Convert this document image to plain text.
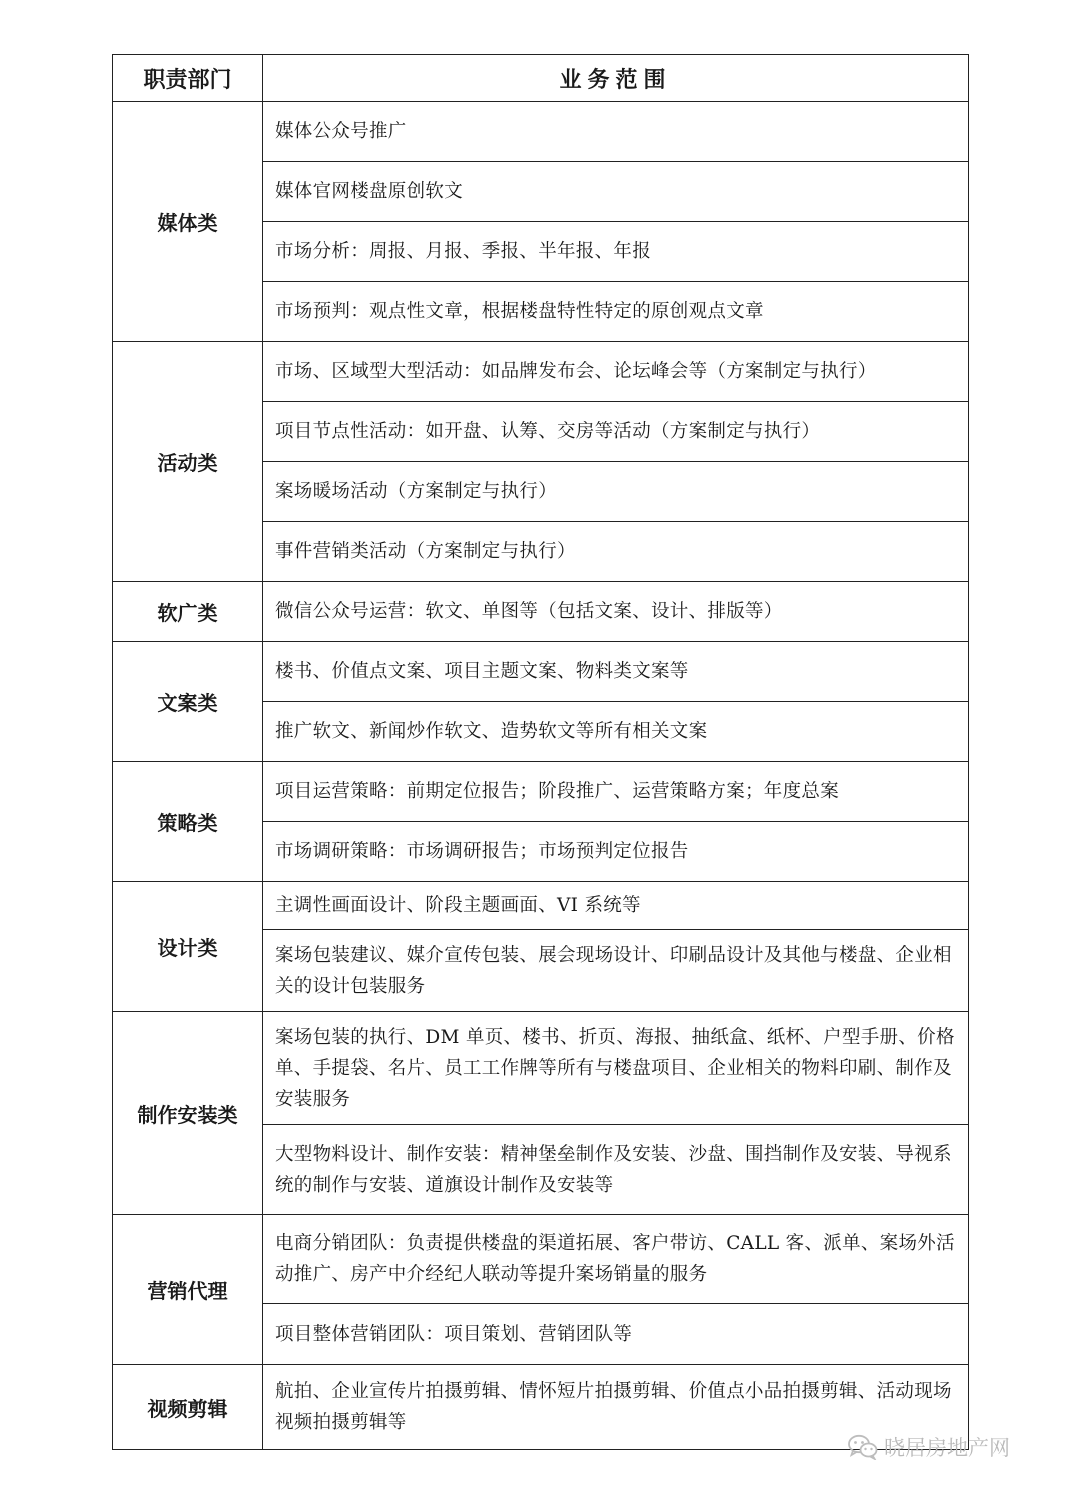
职责部门	业务范围
媒体类	媒体公众号推广
	媒体官网楼盘原创软文
	市场分析：周报、月报、季报、半年报、年报
	市场预判：观点性文章，根据楼盘特性特定的原创观点文章
活动类	市场、区域型大型活动：如品牌发布会、论坛峰会等（方案制定与执行）
	项目节点性活动：如开盘、认筹、交房等活动（方案制定与执行）
	案场暖场活动（方案制定与执行）
	事件营销类活动（方案制定与执行）
软广类	微信公众号运营：软文、单图等（包括文案、设计、排版等）
文案类	楼书、价值点文案、项目主题文案、物料类文案等
	推广软文、新闻炒作软文、造势软文等所有相关文案
策略类	项目运营策略：前期定位报告；阶段推广、运营策略方案；年度总案
	市场调研策略：市场调研报告；市场预判定位报告
设计类	主调性画面设计、阶段主题画面、VI 系统等
	案场包装建议、媒介宣传包装、展会现场设计、印刷品设计及其他与楼盘、企业相关的设计包装服务
制作安装类	案场包装的执行、DM 单页、楼书、折页、海报、抽纸盒、纸杯、户型手册、价格单、手提袋、名片、员工工作牌等所有与楼盘项目、企业相关的物料印刷、制作及安装服务
	大型物料设计、制作安装：精神堡垒制作及安装、沙盘、围挡制作及安装、导视系统的制作与安装、道旗设计制作及安装等
营销代理	电商分销团队：负责提供楼盘的渠道拓展、客户带访、CALL 客、派单、案场外活动推广、房产中介经纪人联动等提升案场销量的服务
	项目整体营销团队：项目策划、营销团队等
视频剪辑	航拍、企业宣传片拍摄剪辑、情怀短片拍摄剪辑、价值点小品拍摄剪辑、活动现场视频拍摄剪辑等
晓居房地产网
